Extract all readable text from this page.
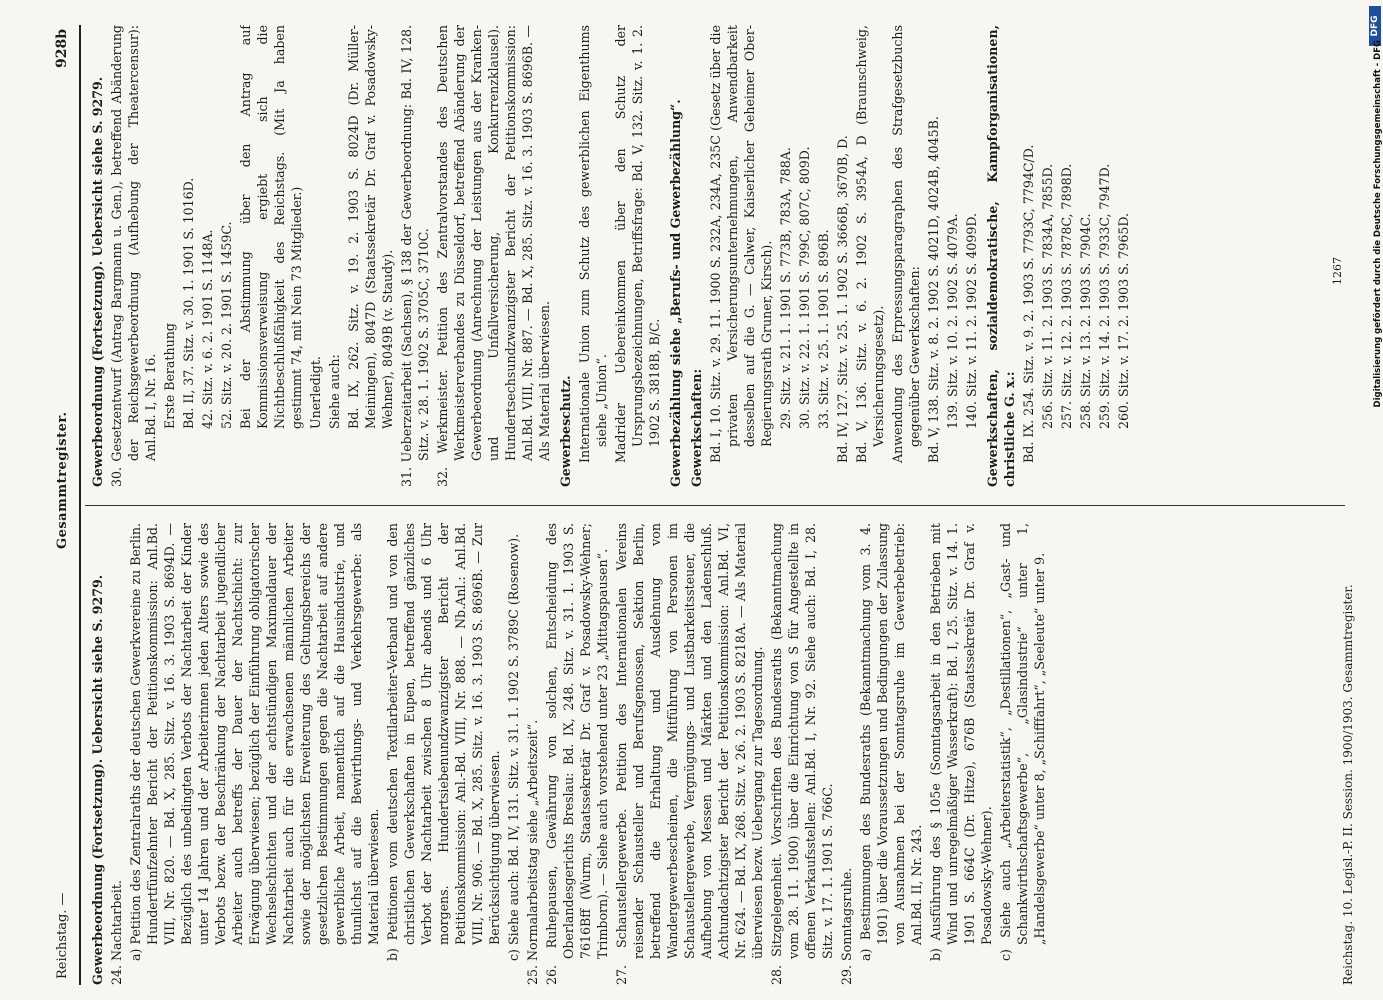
Reichstag. —
Gesammtregister.
928b

Gewerbeordnung (Fortsetzung). Uebersicht siehe S. 9279. 24. Nachtarbeit. a) Petition des Zentralraths der deutschen Gewerkvereine zu Berlin. Hundertfünfzehnter Bericht der Petitionskommission: Anl.Bd. VIII, Nr. 820. — Bd. X, 285. Sitz. v. 16. 3. 1903 S. 8694D. — Bezüglich des unbedingten Verbots der Nachtarbeit der Kinder unter 14 Jahren und der Arbeiterinnen jeden Alters sowie des Verbots bezw. der Beschränkung der Nachtarbeit jugendlicher Arbeiter auch betreffs der Dauer der Nachtschicht: zur Erwägung überwiesen; bezüglich der Einführung obligatorischer Wechselschichten und der achtstündigen Maximaldauer der Nachtarbeit auch für die erwachsenen männlichen Arbeiter sowie der möglichsten Erweiterung des Geltungsbereichs der gesetzlichen Bestimmungen gegen die Nachtarbeit auf andere gewerbliche Arbeit, namentlich auf die Hausindustrie, und thunlichst auf die Bewirthungs- und Verkehrsgewerbe: als Material überwiesen. b) Petitionen vom deutschen Textilarbeiter-Verband und von den christlichen Gewerkschaften in Eupen, betreffend gänzliches Verbot der Nachtarbeit zwischen 8 Uhr abends und 6 Uhr morgens. Hundertsiebenundzwanzigster Bericht der Petitionskommission: Anl.-Bd. VIII, Nr. 888. — Nb.Anl.: Anl.Bd. VIII, Nr. 906. — Bd. X, 285. Sitz. v. 16. 3. 1903 S. 8696B. — Zur Berücksichtigung überwiesen. c) Siehe auch: Bd. IV, 131. Sitz. v. 31. 1. 1902 S. 3789C (Rosenow). 25. Normalarbeitstag siehe „Arbeitszeit“. 26. Ruhepausen, Gewährung von solchen, Entscheidung des Oberlandesgerichts Breslau: Bd. IX, 248. Sitz. v. 31. 1. 1903 S. 7616Bff (Wurm, Staatssekretär Dr. Graf v. Posadowsky-Wehner; Trimborn). — Siehe auch vorstehend unter 23 „Mittagspausen“. 27. Schaustellergewerbe. Petition des Internationalen Vereins reisender Schausteller und Berufsgenossen, Sektion Berlin, betreffend die Erhaltung und Ausdehnung von Wandergewerbescheinen, die Mitführung von Personen im Schaustellergewerbe, Vergnügungs- und Lustbarkeitssteuer, die Aufhebung von Messen und Märkten und den Ladenschluß. Achtundachtzigster Bericht der Petitionskommission: Anl.Bd. VI, Nr. 624. — Bd. IX, 268. Sitz. v. 26. 2. 1903 S. 8218A. — Als Material überwiesen bezw. Uebergang zur Tagesordnung. 28. Sitzgelegenheit. Vorschriften des Bundesraths (Bekanntmachung vom 28. 11. 1900) über die Einrichtung von S für Angestellte in offenen Verkaufsstellen: Anl.Bd. I, Nr. 92. Siehe auch: Bd. I, 28. Sitz. v. 17. 1. 1901 S. 766C. 29. Sonntagsruhe. a) Bestimmungen des Bundesraths (Bekanntmachung vom 3. 4. 1901) über die Voraussetzungen und Bedingungen der Zulassung von Ausnahmen bei der Sonntagsruhe im Gewerbebetrieb: Anl.Bd. II, Nr. 243. b) Ausführung des § 105e (Sonntagsarbeit in den Betrieben mit Wind und unregelmäßiger Wasserkraft): Bd. I, 25. Sitz. v. 14. 1. 1901 S. 664C (Dr. Hitze), 676B (Staatssekretär Dr. Graf v. Posadowsky-Wehner). c) Siehe auch „Arbeiterstatistik“, „Destillationen“, „Gast- und Schankwirthschaftsgewerbe“, „Glasindustrie“ unter 1, „Handelsgewerbe“ unter 8, „Schifffahrt“, „Seeleute“ unter 9.

Gewerbeordnung (Fortsetzung). Uebersicht siehe S. 9279. 30. Gesetzentwurf (Antrag Bargmann u. Gen.), betreffend Abänderung der Reichsgewerbeordnung (Aufhebung der Theatercensur): Anl.Bd. I, Nr. 16. Erste Berathung Bd. II, 37. Sitz. v. 30. 1. 1901 S. 1016D. 42. Sitz. v. 6. 2. 1901 S. 1148A. 52. Sitz. v. 20. 2. 1901 S. 1459C. Bei der Abstimmung über den Antrag auf Kommissionsverweisung ergiebt sich die Nichtbeschlußfähigkeit des Reichstags. (Mit Ja haben gestimmt 74, mit Nein 73 Mitglieder.) Unerledigt. Siehe auch: Bd. IX, 262. Sitz. v. 19. 2. 1903 S. 8024D (Dr. Müller-Meiningen), 8047D (Staatssekretär Dr. Graf v. Posadowsky-Wehner), 8049B (v. Staudy). 31. Ueberzeitarbeit (Sachsen), § 138 der Gewerbeordnung: Bd. IV, 128. Sitz. v. 28. 1. 1902 S. 3705C, 3710C. 32. Werkmeister. Petition des Zentralvorstandes des Deutschen Werkmeisterverbandes zu Düsseldorf, betreffend Abänderung der Gewerbeordnung (Anrechnung der Leistungen aus der Kranken- und Unfallversicherung, Konkurrenzklausel). Hundertsechsundzwanzigster Bericht der Petitionskommission: Anl.Bd. VIII, Nr. 887. — Bd. X, 285. Sitz. v. 16. 3. 1903 S. 8696B. — Als Material überwiesen. Gewerbeschutz. Internationale Union zum Schutz des gewerblichen Eigenthums siehe „Union“. Madrider Uebereinkommen über den Schutz der Ursprungsbezeichnungen, Betriffsfrage: Bd. V, 132. Sitz. v. 1. 2. 1902 S. 3818B, B/C. Gewerbezählung siehe „Berufs- und Gewerbezählung“. Gewerkschaften: Bd. I, 10. Sitz. v. 29. 11. 1900 S. 232A, 234A, 235C (Gesetz über die privaten Versicherungsunternehmungen, Anwendbarkeit desselben auf die G. — Calwer, Kaiserlicher Geheimer Ober-Regierungsrath Gruner, Kirsch). 29. Sitz. v. 21. 1. 1901 S. 773B, 783A, 788A. 30. Sitz. v. 22. 1. 1901 S. 799C, 807C, 809D. 33. Sitz. v. 25. 1. 1901 S. 896B. Bd. IV, 127. Sitz. v. 25. 1. 1902 S. 3666B, 3670B, D. Bd. V, 136. Sitz. v. 6. 2. 1902 S. 3954A, D (Braunschweig, Versicherungsgesetz). Anwendung des Erpressungsparagraphen des Strafgesetzbuchs gegenüber Gewerkschaften: Bd. V, 138. Sitz. v. 8. 2. 1902 S. 4021D, 4024B, 4045B. 139. Sitz. v. 10. 2. 1902 S. 4079A. 140. Sitz. v. 11. 2. 1902 S. 4099D. Gewerkschaften, sozialdemokratische, Kampforganisationen, christliche G. x.: Bd. IX. 254. Sitz. v. 9. 2. 1903 S. 7793C, 7794C/D. 256. Sitz. v. 11. 2. 1903 S. 7834A, 7855D. 257. Sitz. v. 12. 2. 1903 S. 7878C, 7898D. 258. Sitz. v. 13. 2. 1903 S. 7904C. 259. Sitz. v. 14. 2. 1903 S. 7933C, 7947D. 260. Sitz. v. 17. 2. 1903 S. 7965D.

Reichstag. 10. Legisl.-P. II. Session. 1900/1903. Gesammtregister.
1267
DFG
Digitalisierung gefördert durch die Deutsche Forschungsgemeinschaft - DFG
